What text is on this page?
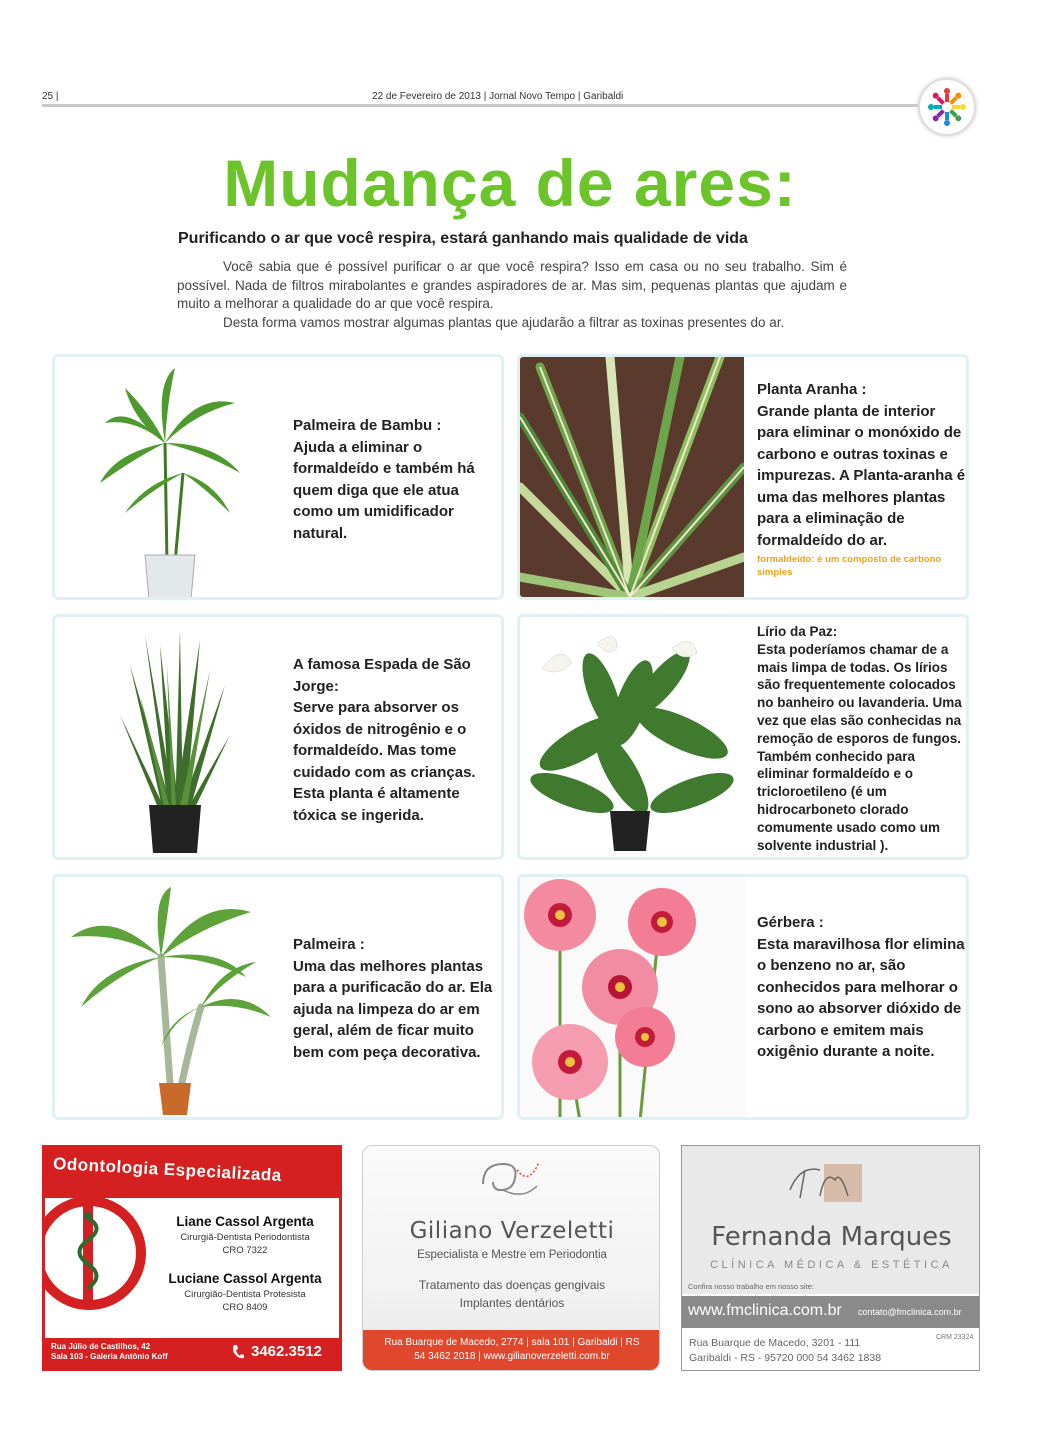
25 |	22 de Fevereiro de 2013 | Jornal Novo Tempo | Garibaldi
Mudança de ares:
Purificando o ar que você respira, estará ganhando mais qualidade de vida

Você sabia que é possível purificar o ar que você respira? Isso em casa ou no seu trabalho. Sim é possível. Nada de filtros mirabolantes e grandes aspiradores de ar. Mas sim, pequenas plantas que ajudam e muito a melhorar a qualidade do ar que você respira.

Desta forma vamos mostrar algumas plantas que ajudarão a filtrar as toxinas presentes do ar.

Palmeira de Bambu :
Ajuda a eliminar o formaldeído e também há quem diga que ele atua como um umidificador natural.
Planta Aranha :
Grande planta de interior para eliminar o monóxido de carbono e outras toxinas e impurezas. A Planta-aranha é uma das melhores plantas para a eliminação de formaldeído do ar.
formaldeído: é um composto de carbono simples
A famosa Espada de São Jorge:
Serve para absorver os óxidos de nitrogênio e o formaldeído. Mas tome cuidado com as crianças. Esta planta é altamente tóxica se ingerida.
Lírio da Paz:
Esta poderíamos chamar de a mais limpa de todas. Os lírios são frequentemente colocados no banheiro ou lavanderia. Uma vez que elas são conhecidas na remoção de esporos de fungos. Também conhecido para eliminar formaldeído e o tricloroetileno (é um hidrocarboneto clorado comumente usado como um solvente industrial ).
Palmeira :
Uma das melhores plantas para a purificacão do ar. Ela ajuda na limpeza do ar em geral, além de ficar muito bem com peça decorativa.
Gérbera :
Esta maravilhosa flor elimina o benzeno no ar, são conhecidos para melhorar o sono ao absorver dióxido de carbono e emitem mais oxigênio durante a noite.
Odontologia Especializada
Liane Cassol Argenta
Cirurgiã-Dentista Periodontista
CRO 7322
Luciane Cassol Argenta
Cirurgião-Dentista Protesista
CRO 8409
Rua Júlio de Castilhos, 42
Sala 103 - Galeria Antônio Koff	3462.3512
Giliano Verzeletti
Especialista e Mestre em Periodontia
Tratamento das doenças gengivais
Implantes dentários
Rua Buarque de Macedo, 2774 | sala 101 | Garibaldi | RS
54 3462 2018 | www.gilianoverzeletti.com.br
Fernanda Marques
CLÍNICA MÉDICA & ESTÉTICA
Confira nosso trabalho em nosso site:
www.fmclinica.com.br contato@fmclinica.com.br
Rua Buarque de Macedo, 3201 - 111
Garibaldi - RS - 95720 000 54 3462 1838
CRM 23324
